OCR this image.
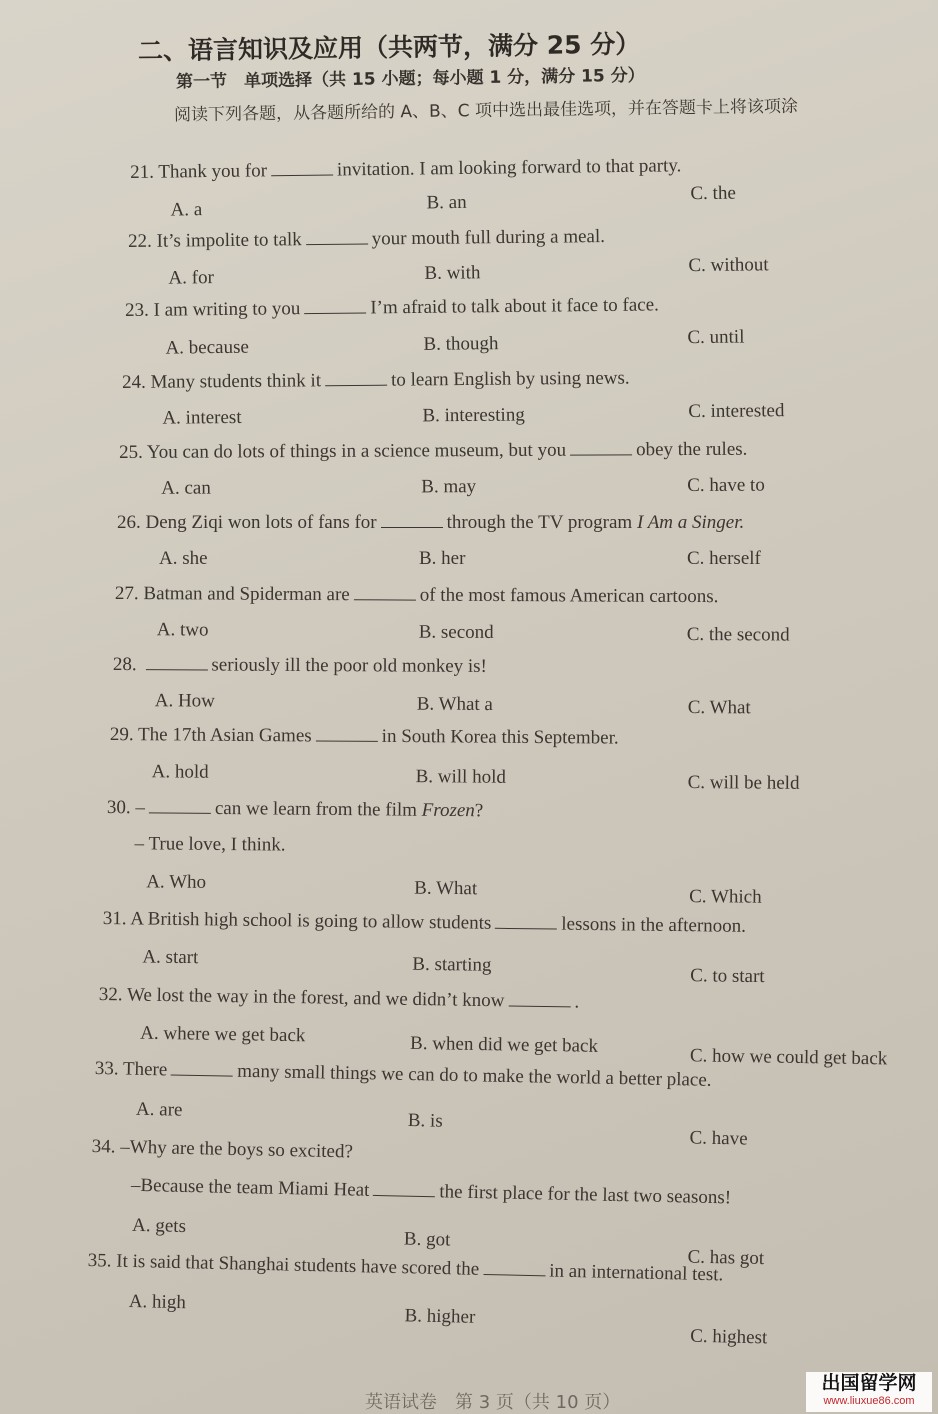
二、语言知识及应用（共两节，满分 25 分）
第一节　单项选择（共 15 小题；每小题 1 分，满分 15 分）
阅读下列各题，从各题所给的 A、B、C 项中选出最佳选项，并在答题卡上将该项涂
21. Thank you for	invitation. I am looking forward to that party.
A. a	B. an	C. the
22. It’s impolite to talk	your mouth full during a meal.
A. for	B. with	C. without
23. I am writing to you	I’m afraid to talk about it face to face.
A. because	B. though	C. until
24. Many students think it	to learn English by using news.
A. interest	B. interesting	C. interested
25. You can do lots of things in a science museum, but you	obey the rules.
A. can	B. may	C. have to
26. Deng Ziqi won lots of fans for	through the TV program I Am a Singer.
A. she	B. her	C. herself
27. Batman and Spiderman are	of the most famous American cartoons.
A. two	B. second	C. the second
28.	seriously ill the poor old monkey is!
A. How	B. What a	C. What
29. The 17th Asian Games	in South Korea this September.
A. hold	B. will hold	C. will be held
30. –	can we learn from the film Frozen?
– True love, I think.
A. Who	B. What	C. Which
31. A British high school is going to allow students	lessons in the afternoon.
A. start	B. starting
C. to start
32. We lost the way in the forest, and we didn’t know	.
A. where we get back	B. when did we get back
C. how we could get back
33. There	many small things we can do to make the world a better place.
A. are
B. is
C. have
34. –Why are the boys so excited?
–Because the team Miami Heat	the first place for the last two seasons!
A. gets
B. got
C. has got
35. It is said that Shanghai students have scored the	in an international test.
A. high
B. higher
C. highest
英语试卷　第 3 页（共 10 页）
出国留学网
www.liuxue86.com
